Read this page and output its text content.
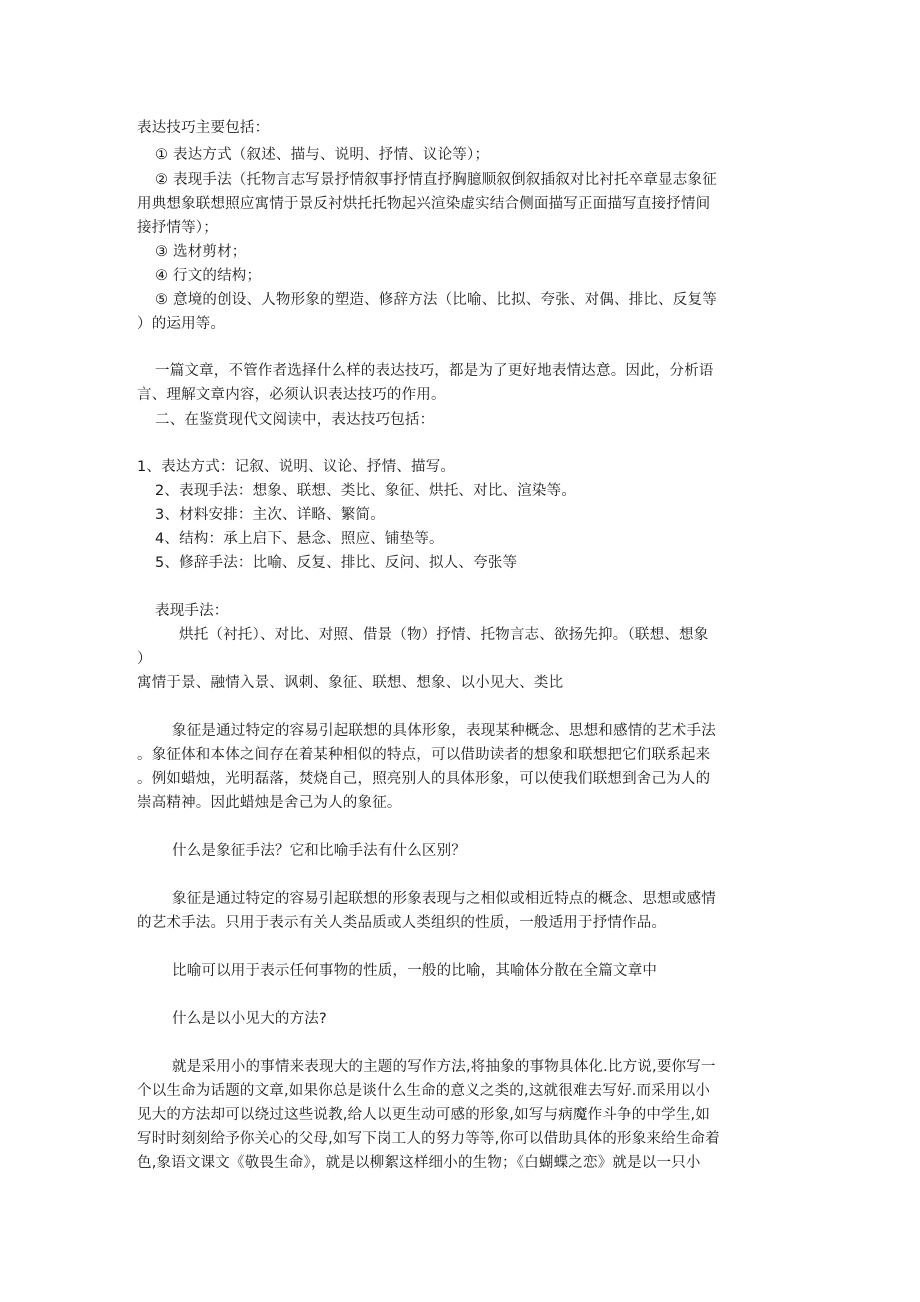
表达技巧主要包括：
① 表达方式（叙述、描与、说明、抒情、议论等）；
② 表现手法（托物言志写景抒情叙事抒情直抒胸臆顺叙倒叙插叙对比衬托卒章显志象征
用典想象联想照应寓情于景反衬烘托托物起兴渲染虚实结合侧面描写正面描写直接抒情间
接抒情等）；
③ 选材剪材；
④ 行文的结构；
⑤ 意境的创设、人物形象的塑造、修辞方法（比喻、比拟、夸张、对偶、排比、反复等
）的运用等。
一篇文章，不管作者选择什么样的表达技巧，都是为了更好地表情达意。因此，分析语
言、理解文章内容，必须认识表达技巧的作用。
二、在鉴赏现代文阅读中，表达技巧包括：
1、表达方式：记叙、说明、议论、抒情、描写。
2、表现手法：想象、联想、类比、象征、烘托、对比、渲染等。
3、材料安排：主次、详略、繁简。
4、结构：承上启下、悬念、照应、铺垫等。
5、修辞手法：比喻、反复、排比、反问、拟人、夸张等
表现手法：
烘托（衬托）、对比、对照、借景（物）抒情、托物言志、欲扬先抑。（联想、想象
）
寓情于景、融情入景、讽刺、象征、联想、想象、以小见大、类比
象征是通过特定的容易引起联想的具体形象，表现某种概念、思想和感情的艺术手法
。象征体和本体之间存在着某种相似的特点，可以借助读者的想象和联想把它们联系起来
。例如蜡烛，光明磊落，焚烧自己，照亮别人的具体形象，可以使我们联想到舍己为人的
崇高精神。因此蜡烛是舍己为人的象征。
什么是象征手法？它和比喻手法有什么区别？
象征是通过特定的容易引起联想的形象表现与之相似或相近特点的概念、思想或感情
的艺术手法。只用于表示有关人类品质或人类组织的性质，一般适用于抒情作品。
比喻可以用于表示任何事物的性质，一般的比喻，其喻体分散在全篇文章中
什么是以小见大的方法?
就是采用小的事情来表现大的主题的写作方法,将抽象的事物具体化.比方说,要你写一
个以生命为话题的文章,如果你总是谈什么生命的意义之类的,这就很难去写好.而采用以小
见大的方法却可以绕过这些说教,给人以更生动可感的形象,如写与病魔作斗争的中学生,如
写时时刻刻给予你关心的父母,如写下岗工人的努力等等,你可以借助具体的形象来给生命着
色,象语文课文《敬畏生命》，就是以柳絮这样细小的生物；《白蝴蝶之恋》就是以一只小
